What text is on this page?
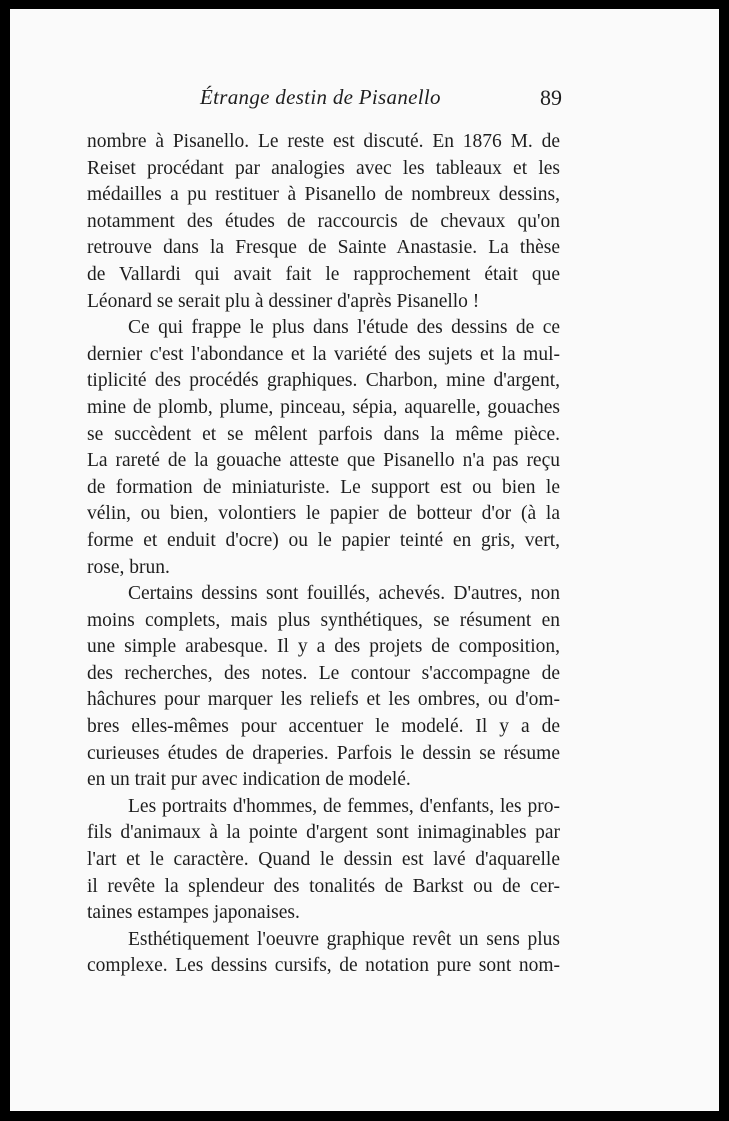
Étrange destin de Pisanello	89
nombre à Pisanello. Le reste est discuté. En 1876 M. de
Reiset procédant par analogies avec les tableaux et les
médailles a pu restituer à Pisanello de nombreux dessins,
notamment des études de raccourcis de chevaux qu'on
retrouve dans la Fresque de Sainte Anastasie. La thèse
de Vallardi qui avait fait le rapprochement était que
Léonard se serait plu à dessiner d'après Pisanello !
Ce qui frappe le plus dans l'étude des dessins de ce
dernier c'est l'abondance et la variété des sujets et la mul-
tiplicité des procédés graphiques. Charbon, mine d'argent,
mine de plomb, plume, pinceau, sépia, aquarelle, gouaches
se succèdent et se mêlent parfois dans la même pièce.
La rareté de la gouache atteste que Pisanello n'a pas reçu
de formation de miniaturiste. Le support est ou bien le
vélin, ou bien, volontiers le papier de botteur d'or (à la
forme et enduit d'ocre) ou le papier teinté en gris, vert,
rose, brun.
Certains dessins sont fouillés, achevés. D'autres, non
moins complets, mais plus synthétiques, se résument en
une simple arabesque. Il y a des projets de composition,
des recherches, des notes. Le contour s'accompagne de
hâchures pour marquer les reliefs et les ombres, ou d'om-
bres elles-mêmes pour accentuer le modelé. Il y a de
curieuses études de draperies. Parfois le dessin se résume
en un trait pur avec indication de modelé.
Les portraits d'hommes, de femmes, d'enfants, les pro-
fils d'animaux à la pointe d'argent sont inimaginables par
l'art et le caractère. Quand le dessin est lavé d'aquarelle
il revête la splendeur des tonalités de Barkst ou de cer-
taines estampes japonaises.
Esthétiquement l'oeuvre graphique revêt un sens plus
complexe. Les dessins cursifs, de notation pure sont nom-
